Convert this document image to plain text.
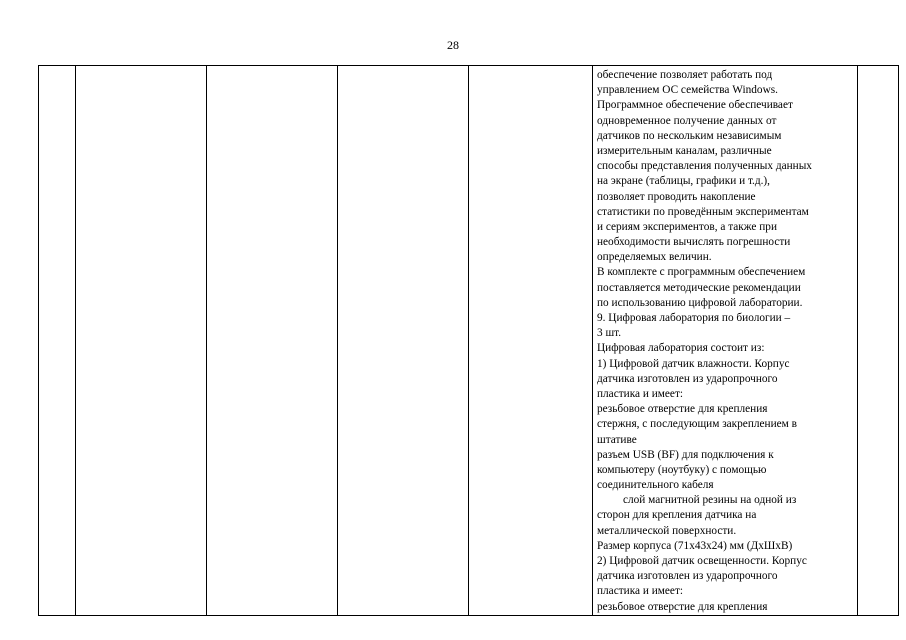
28

обеспечение позволяет работать под
управлением ОС семейства Windows.
Программное обеспечение обеспечивает
одновременное получение данных от
датчиков по нескольким независимым
измерительным каналам, различные
способы представления полученных данных
на экране (таблицы, графики и т.д.),
позволяет проводить накопление
статистики по проведённым экспериментам
и сериям экспериментов, а также при
необходимости вычислять погрешности
определяемых величин.
В комплекте с программным обеспечением
поставляется методические рекомендации
по использованию цифровой лаборатории.
9. Цифровая лаборатория по биологии –
3 шт.
Цифровая лаборатория состоит из:
1) Цифровой датчик влажности. Корпус
датчика изготовлен из ударопрочного
пластика и имеет:
резьбовое отверстие для крепления
стержня, с последующим закреплением в
штативе
разъем USB (BF) для подключения к
компьютеру (ноутбуку) с помощью
соединительного кабеля
слой магнитной резины на одной из
сторон для крепления датчика на
металлической поверхности.
Размер корпуса (71х43х24) мм (ДхШхВ)
2) Цифровой датчик освещенности. Корпус
датчика изготовлен из ударопрочного
пластика и имеет:
резьбовое отверстие для крепления
